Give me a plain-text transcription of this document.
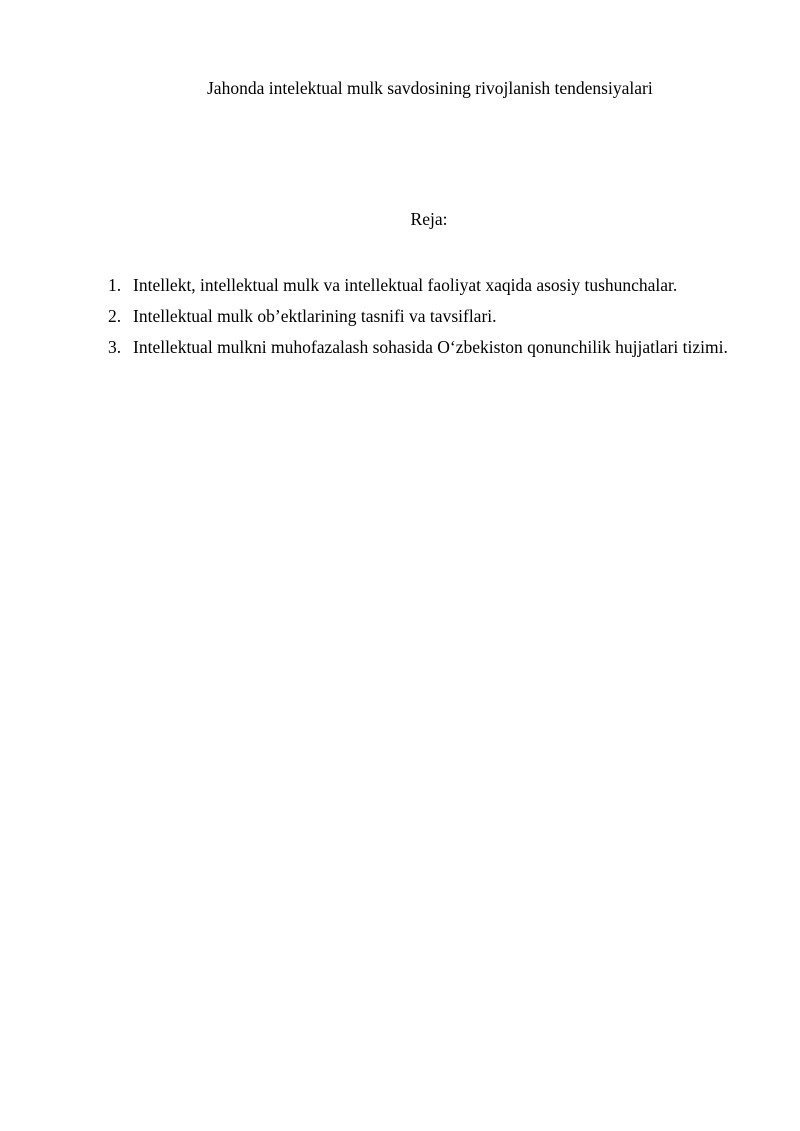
Jahonda intelektual mulk savdosining rivojlanish tendensiyalari
Reja:
1. Intellekt, intellektual mulk va intellektual faoliyat xaqida asosiy tushunchalar.
2. Intellektual mulk ob’ektlarining tasnifi va tavsiflari.
3. Intellektual mulkni muhofazalash sohasida O‘zbekiston qonunchilik hujjatlari tizimi.
